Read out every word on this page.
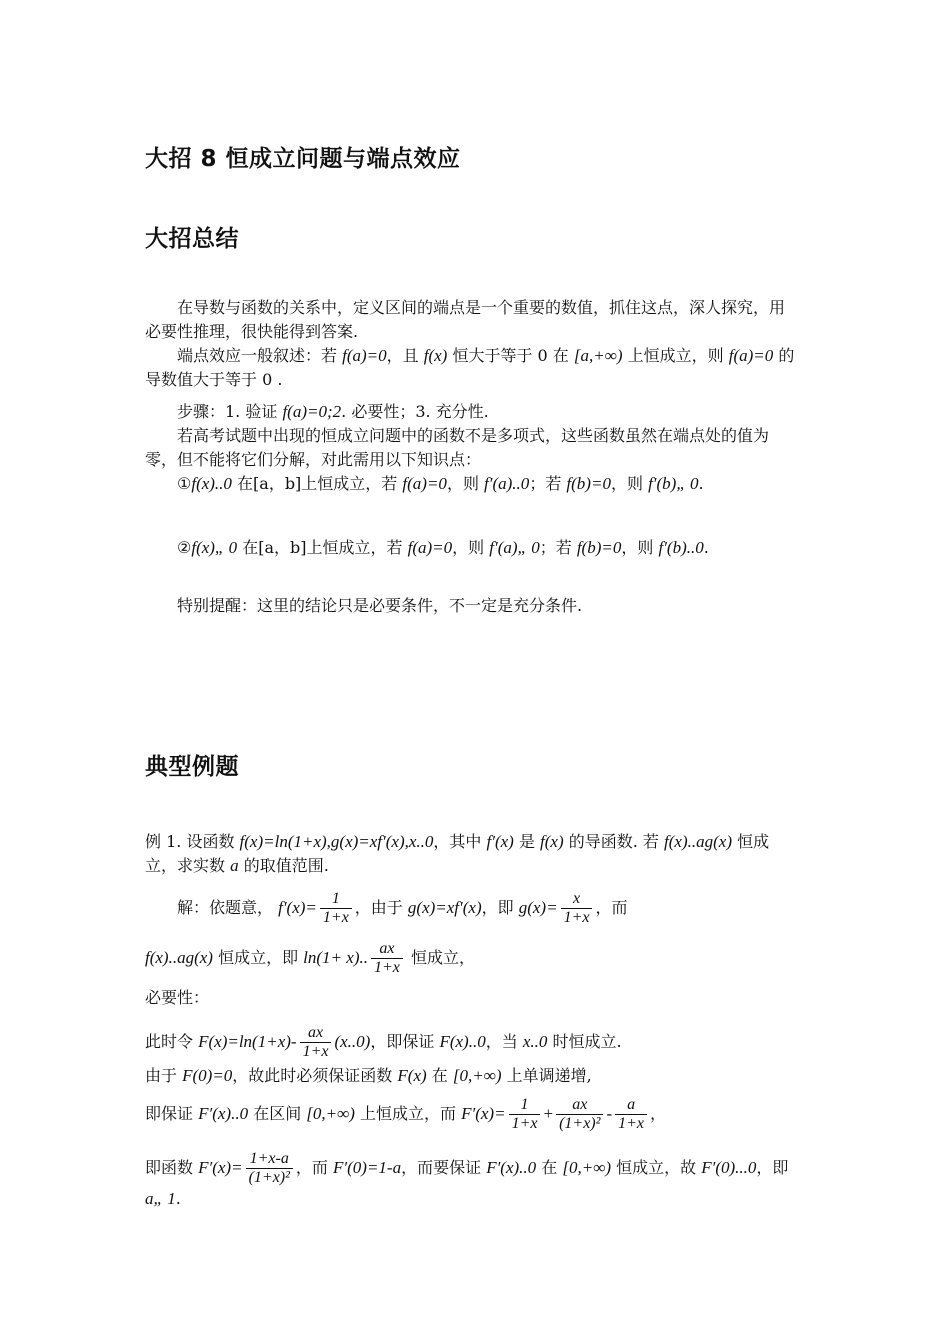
大招 8 恒成立问题与端点效应
大招总结

在导数与函数的关系中，定义区间的端点是一个重要的数值，抓住这点，深人探究，用必要性推理，很快能得到答案.

端点效应一般叙述：若 f(a)=0，且 f(x) 恒大于等于 0 在 [a,+∞) 上恒成立，则 f(a)=0 的导数值大于等于 0 .

步骤：1. 验证 f(a)=0;2. 必要性；3. 充分性.

若高考试题中出现的恒成立问题中的函数不是多项式，这些函数虽然在端点处的值为零，但不能将它们分解，对此需用以下知识点：

①f(x)..0 在[a，b]上恒成立，若 f(a)=0，则 f′(a)..0；若 f(b)=0，则 f′(b)„ 0.

②f(x)„ 0 在[a，b]上恒成立，若 f(a)=0，则 f′(a)„ 0；若 f(b)=0，则 f′(b)..0.

特别提醒：这里的结论只是必要条件，不一定是充分条件.

典型例题

例 1. 设函数 f(x)=ln(1+x),g(x)=xf′(x),x..0，其中 f′(x) 是 f(x) 的导函数. 若 f(x)..ag(x) 恒成 立，求实数 a 的取值范围.

解：依题意， $f'(x)= \frac{1}{1+x}$ ，由于 g(x)=xf′(x)，即 $g(x)= \frac{x}{1+x}$ ，而

f(x)..ag(x) 恒成立，即 ln(1+ x).. $\frac{ax}{1+x}$ 恒成立，

必要性：

此时令 $F(x)=\ln(1+x)- \frac{ax}{1+x} (x..0)$，即保证 F(x)..0，当 x..0 时恒成立.

由于 F(0)=0，故此时必须保证函数 F(x) 在 [0,+∞) 上单调递增,

即保证 F′(x)..0 在区间 [0,+∞) 上恒成立，而 $F'(x)= \frac{1}{1+x} + \frac{ax}{\text{(1+x)²}} - \frac{a}{1+x}$ ，

即函数 $F'(x)= \frac{1+x-a}{\text{(1+x)²}}$ ，而 F′(0)=1-a，而要保证 F′(x)..0 在 [0,+∞) 恒成立，故 F′(0)...0，即 a„ 1.
